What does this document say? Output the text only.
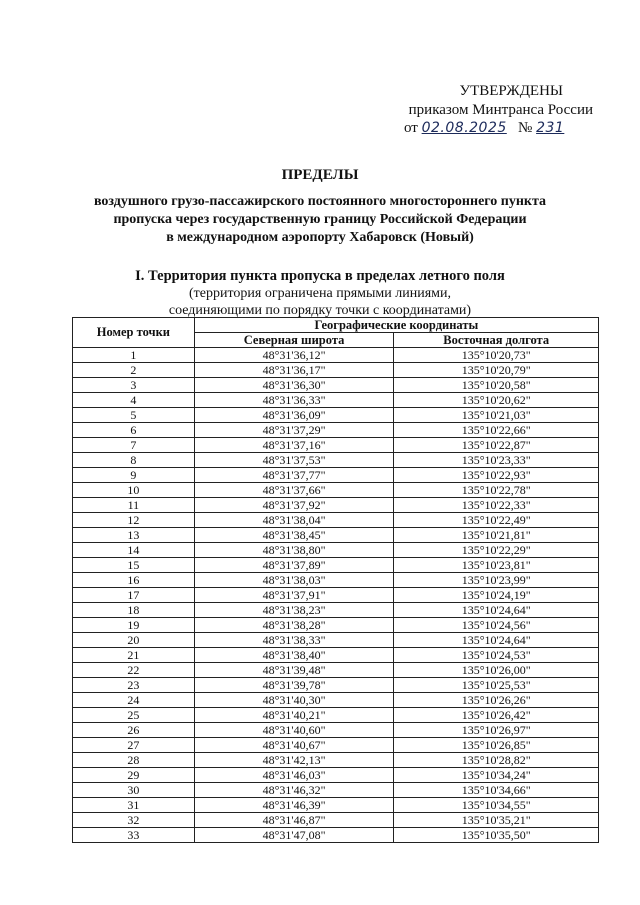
УТВЕРЖДЕНЫ
приказом Минтранса России
от 02.08.2025 № 231
ПРЕДЕЛЫ
воздушного грузо-пассажирского постоянного многостороннего пункта
пропуска через государственную границу Российской Федерации
в международном аэропорту Хабаровск (Новый)
I. Территория пункта пропуска в пределах летного поля
(территория ограничена прямыми линиями,
соединяющими по порядку точки с координатами)
Номер точки	Географические координаты	
	Северная широта	Восточная долгота
1	48°31'36,12"	135°10'20,73"
2	48°31'36,17"	135°10'20,79"
3	48°31'36,30"	135°10'20,58"
4	48°31'36,33"	135°10'20,62"
5	48°31'36,09"	135°10'21,03"
6	48°31'37,29"	135°10'22,66"
7	48°31'37,16"	135°10'22,87"
8	48°31'37,53"	135°10'23,33"
9	48°31'37,77"	135°10'22,93"
10	48°31'37,66"	135°10'22,78"
11	48°31'37,92"	135°10'22,33"
12	48°31'38,04"	135°10'22,49"
13	48°31'38,45"	135°10'21,81"
14	48°31'38,80"	135°10'22,29"
15	48°31'37,89"	135°10'23,81"
16	48°31'38,03"	135°10'23,99"
17	48°31'37,91"	135°10'24,19"
18	48°31'38,23"	135°10'24,64"
19	48°31'38,28"	135°10'24,56"
20	48°31'38,33"	135°10'24,64"
21	48°31'38,40"	135°10'24,53"
22	48°31'39,48"	135°10'26,00"
23	48°31'39,78"	135°10'25,53"
24	48°31'40,30"	135°10'26,26"
25	48°31'40,21"	135°10'26,42"
26	48°31'40,60"	135°10'26,97"
27	48°31'40,67"	135°10'26,85"
28	48°31'42,13"	135°10'28,82"
29	48°31'46,03"	135°10'34,24"
30	48°31'46,32"	135°10'34,66"
31	48°31'46,39"	135°10'34,55"
32	48°31'46,87"	135°10'35,21"
33	48°31'47,08"	135°10'35,50"
